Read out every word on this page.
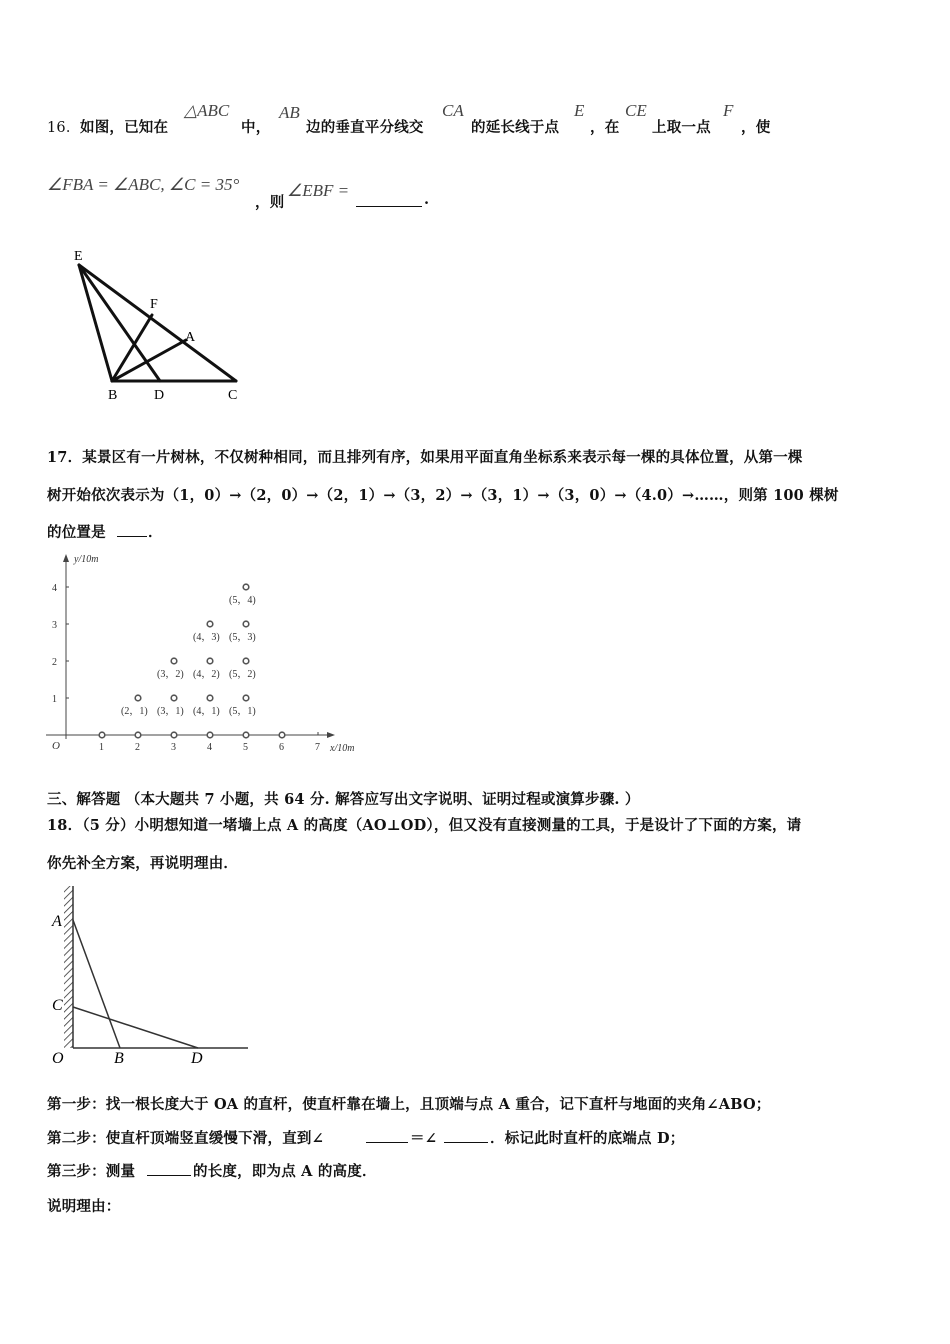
16． 如图，已知在
△ABC
中，
AB
边的垂直平分线交
CA
的延长线于点
E
，在
CE
上取一点
F
，使
∠FBA = ∠ABC, ∠C = 35°
，则
∠EBF =	.
E
F
A
B	D	C
17．某景区有一片树林，不仅树种相同，而且排列有序，如果用平面直角坐标系来表示每一棵的具体位置，从第一棵
树开始依次表示为（1，0）→（2，0）→（2，1）→（3，2）→（3，1）→（3，0）→（4.0）→……，则第 100 棵树
的位置是	．
y/10m
x/10m
O	1	2	3	4	5	6	7
1
2
3
4
(2，1) (3，1) (4，1) (5，1)
(3，2) (4，2) (5，2)
(4，3) (5，3)
(5，4)
三、解答题 （本大题共 7 小题，共 64 分. 解答应写出文字说明、证明过程或演算步骤. ）
18．（5 分）小明想知道一堵墙上点 A 的高度（AO⊥OD），但又没有直接测量的工具，于是设计了下面的方案，请
你先补全方案，再说明理由．
A
C
O	B	D
第一步：找一根长度大于 OA 的直杆，使直杆靠在墙上，且顶端与点 A 重合，记下直杆与地面的夹角∠ABO；
第二步：使直杆顶端竖直缓慢下滑，直到∠	＝∠	．标记此时直杆的底端点 D；
第三步：测量	的长度，即为点 A 的高度．
说明理由：
